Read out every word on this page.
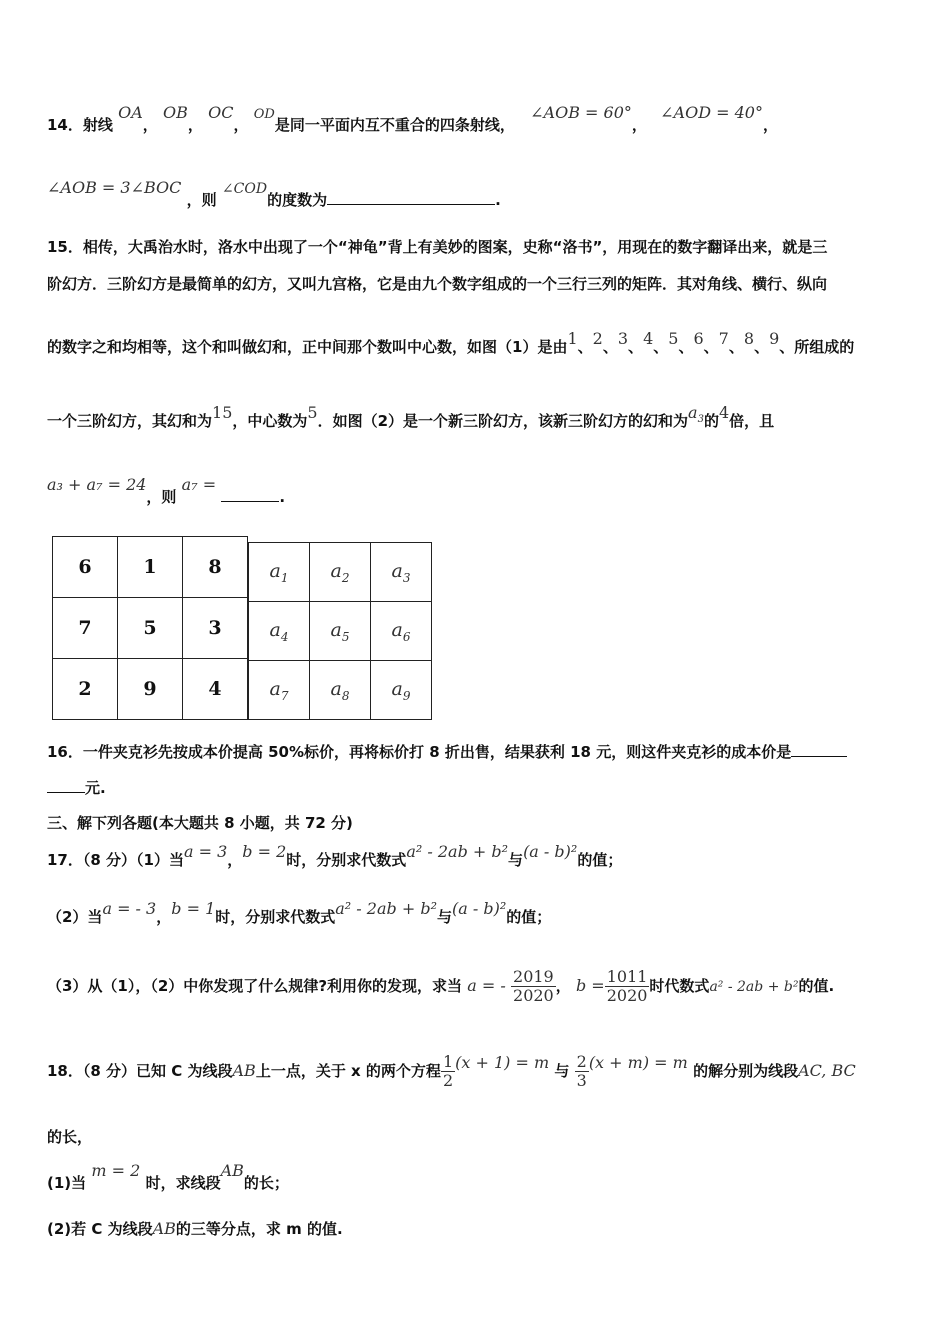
14．射线 OA， OB， OC， OD是同一平面内互不重合的四条射线， ∠AOB = 60°， ∠AOD = 40°，
∠AOB = 3∠BOC ，则 ∠COD的度数为	.
15．相传，大禹治水时，洛水中出现了一个“神龟”背上有美妙的图案，史称“洛书”，用现在的数字翻译出来，就是三
阶幻方．三阶幻方是最简单的幻方，又叫九宫格，它是由九个数字组成的一个三行三列的矩阵．其对角线、横行、纵向
的数字之和均相等，这个和叫做幻和，正中间那个数叫中心数，如图（1）是由1、2、3、4、5、6、7、8、9、所组成的
一个三阶幻方，其幻和为15，中心数为5．如图（2）是一个新三阶幻方，该新三阶幻方的幻和为$a_3$的4倍，且
a₃ + a₇ = 24，则 a₇ = .
6	1	8
7	5	3
2	9	4
$a_1$	$a_2$	$a_3$
$a_4$	$a_5$	$a_6$
$a_7$	$a_8$	$a_9$
16．一件夹克衫先按成本价提高 50%标价，再将标价打 8 折出售，结果获利 18 元，则这件夹克衫的成本价是
元.
三、解下列各题(本大题共 8 小题，共 72 分)
17．（8 分）（1）当a = 3，b = 2时，分别求代数式a² - 2ab + b²与(a - b)²的值；
（2）当a = - 3，b = 1时，分别求代数式a² - 2ab + b²与(a - b)²的值；
（3）从（1），（2）中你发现了什么规律?利用你的发现，求当 a = - $\frac{2019}{2020}$ ， $b = \frac{1011}{2020}$ 时代数式a² - 2ab + b²的值.
18．（8 分）已知 C 为线段AB上一点，关于 x 的两个方程 $\frac{1}{2} (x + 1) = m$ 与 $\frac{2}{3} (x + m) = m$ 的解分别为线段AC, BC
的长，
(1)当 m = 2 时，求线段AB的长；
(2)若 C 为线段AB的三等分点，求 m 的值.
